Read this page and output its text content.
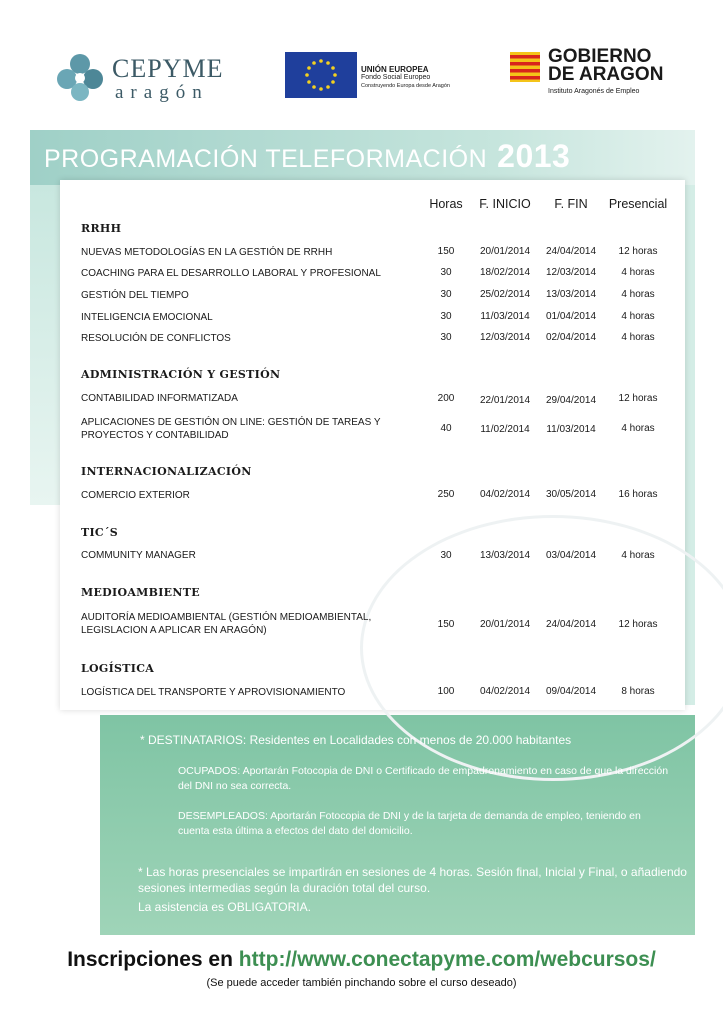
CEPYME
aragón
UNIÓN EUROPEA
Fondo Social Europeo
Construyendo Europa desde Aragón
GOBIERNO
DE ARAGON
Instituto Aragonés de Empleo
PROGRAMACIÓN TELEFORMACIÓN 2013
Horas	F. INICIO	F. FIN	Presencial
RRHH
NUEVAS METODOLOGÍAS EN LA GESTIÓN DE RRHH	150	20/01/2014	24/04/2014	12 horas
COACHING PARA EL DESARROLLO LABORAL Y PROFESIONAL	30	18/02/2014	12/03/2014	4 horas
GESTIÓN DEL TIEMPO	30	25/02/2014	13/03/2014	4 horas
INTELIGENCIA EMOCIONAL	30	11/03/2014	01/04/2014	4 horas
RESOLUCIÓN DE CONFLICTOS	30	12/03/2014	02/04/2014	4 horas
ADMINISTRACIÓN Y GESTIÓN
CONTABILIDAD INFORMATIZADA	200	22/01/2014	29/04/2014	12 horas
APLICACIONES DE GESTIÓN ON LINE: GESTIÓN DE TAREAS Y PROYECTOS Y CONTABILIDAD
40	11/02/2014	11/03/2014	4 horas
INTERNACIONALIZACIÓN
COMERCIO EXTERIOR	250	04/02/2014	30/05/2014	16 horas
TIC´S
COMMUNITY MANAGER	30	13/03/2014	03/04/2014	4 horas
MEDIOAMBIENTE
AUDITORÍA MEDIOAMBIENTAL (GESTIÓN MEDIOAMBIENTAL, LEGISLACION A APLICAR EN ARAGÓN)
150	20/01/2014	24/04/2014	12 horas
LOGÍSTICA
LOGÍSTICA DEL TRANSPORTE Y APROVISIONAMIENTO	100	04/02/2014	09/04/2014	8 horas
* DESTINATARIOS: Residentes en Localidades con menos de 20.000 habitantes
OCUPADOS: Aportarán Fotocopia de DNI o Certificado de empadronamiento en caso de que la dirección del DNI no sea correcta.
DESEMPLEADOS: Aportarán Fotocopia de DNI y de la tarjeta de demanda de empleo, teniendo en cuenta esta última a efectos del dato del domicilio.
* Las horas presenciales se impartirán en sesiones de 4 horas. Sesión final, Inicial y Final, o añadiendo sesiones intermedias según la duración total del curso.
La asistencia es OBLIGATORIA.
Inscripciones en http://www.conectapyme.com/webcursos/
(Se puede acceder también pinchando sobre el curso deseado)
